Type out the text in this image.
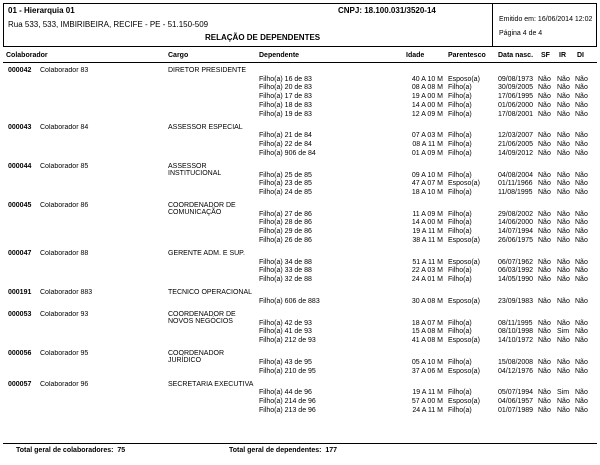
01 - Hierarquia 01
Rua 533, 533, IMBIRIBEIRA, RECIFE - PE - 51.150-509
RELAÇÃO DE DEPENDENTES
CNPJ: 18.100.031/3520-14
Emitido em: 16/06/2014 12:02
Página 4 de 4
Colaborador	Cargo	Dependente	Idade	Parentesco Data nasc. SF IR DI
000042	Colaborador 83	DIRETOR PRESIDENTE
Filho(a) 16 de 83	40 A 10 M Esposo(a)	09/08/1973 Não Não Não
Filho(a) 20 de 83	08 A 08 M Filho(a)	30/09/2005 Não Não Não
Filho(a) 17 de 83	19 A 00 M Filho(a)	17/06/1995 Não Não Não
Filho(a) 18 de 83	14 A 00 M Filho(a)	01/06/2000 Não Não Não
Filho(a) 19 de 83	12 A 09 M Filho(a)	17/08/2001 Não Não Não
000043	Colaborador 84	ASSESSOR ESPECIAL
Filho(a) 21 de 84	07 A 03 M Filho(a)	12/03/2007 Não Não Não
Filho(a) 22 de 84	08 A 11 M Filho(a)	21/06/2005 Não Não Não
Filho(a) 906 de 84	01 A 09 M Filho(a)	14/09/2012 Não Não Não
000044	Colaborador 85	ASSESSOR INSTITUCIONAL	Filho(a) 25 de 85	09 A 10 M Filho(a)	04/08/2004 Não Não Não
Filho(a) 23 de 85	47 A 07 M Esposo(a)	01/11/1966 Não Não Não
Filho(a) 24 de 85	18 A 10 M Filho(a)	11/08/1995 Não Não Não
000045	Colaborador 86	COORDENADOR DE COMUNICAÇÃO	Filho(a) 27 de 86	11 A 09 M Filho(a)	29/08/2002 Não Não Não
Filho(a) 28 de 86	14 A 00 M Filho(a)	14/06/2000 Não Não Não
Filho(a) 29 de 86	19 A 11 M Filho(a)	14/07/1994 Não Não Não
Filho(a) 26 de 86	38 A 11 M Esposo(a)	26/06/1975 Não Não Não
000047	Colaborador 88	GERENTE ADM. E SUP.
Filho(a) 34 de 88	51 A 11 M Esposo(a)	06/07/1962 Não Não Não
Filho(a) 33 de 88	22 A 03 M Filho(a)	06/03/1992 Não Não Não
Filho(a) 32 de 88	24 A 01 M Filho(a)	14/05/1990 Não Não Não
000191	Colaborador 883	TÉCNICO OPERACIONAL
Filho(a) 606 de 883	30 A 08 M Esposo(a)	23/09/1983 Não Não Não
000053	Colaborador 93	COORDENADOR DE NOVOS NEGÓCIOS	Filho(a) 42 de 93	18 A 07 M Filho(a)	08/11/1995 Não Não Não
Filho(a) 41 de 93	15 A 08 M Filho(a)	08/10/1998 Não Sim Não
Filho(a) 212 de 93	41 A 08 M Esposo(a)	14/10/1972 Não Não Não
000056	Colaborador 95	COORDENADOR JURÍDICO	Filho(a) 43 de 95	05 A 10 M Filho(a)	15/08/2008 Não Não Não
Filho(a) 210 de 95	37 A 06 M Esposo(a)	04/12/1976 Não Não Não
000057	Colaborador 96	SECRETÁRIA EXECUTIVA
Filho(a) 44 de 96	19 A 11 M Filho(a)	05/07/1994 Não Sim Não
Filho(a) 214 de 96	57 A 00 M Esposo(a)	04/06/1957 Não Não Não
Filho(a) 213 de 96	24 A 11 M Filho(a)	01/07/1989 Não Não Não
Total geral de colaboradores: 75	Total geral de dependentes: 177
